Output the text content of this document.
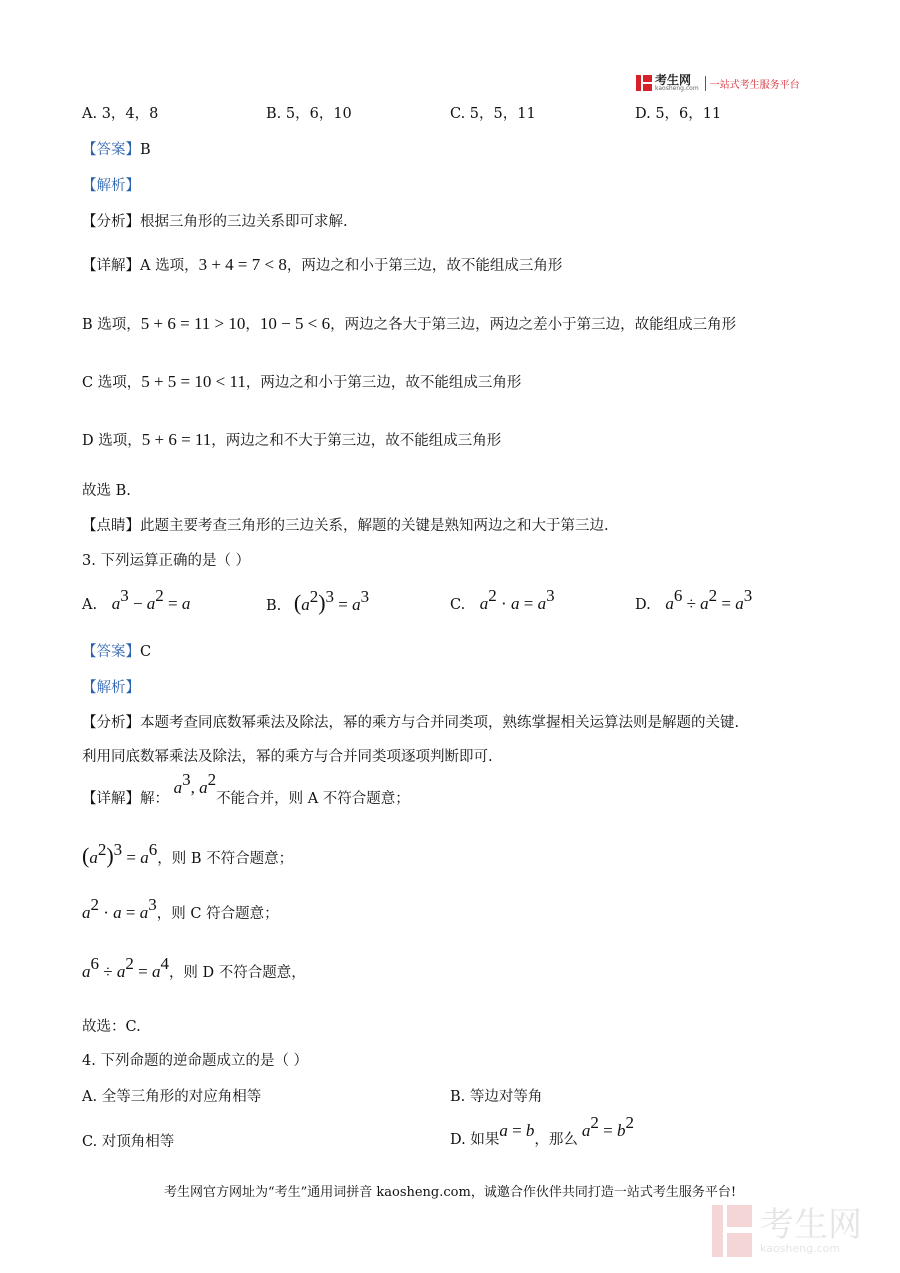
考生网
kaosheng.com	一站式考生服务平台
A. 3，4，8	B. 5，6，10	C. 5，5，11	D. 5，6，11
【答案】B
【解析】
【分析】根据三角形的三边关系即可求解.
【详解】A 选项，3 + 4 = 7 < 8，两边之和小于第三边，故不能组成三角形
B 选项，5 + 6 = 11 > 10，10 − 5 < 6，两边之各大于第三边，两边之差小于第三边，故能组成三角形
C 选项，5 + 5 = 10 < 11，两边之和小于第三边，故不能组成三角形
D 选项，5 + 6 = 11，两边之和不大于第三边，故不能组成三角形
故选 B.
【点睛】此题主要考查三角形的三边关系，解题的关键是熟知两边之和大于第三边.
3. 下列运算正确的是（ ）
A. $a^3 - a^2 = a$	B. $(a^2)^3 = a^3$	C. $a^2 \cdot a = a^3$	D. $a^6 \div a^2 = a^3$
【答案】C
【解析】
【分析】本题考查同底数幂乘法及除法，幂的乘方与合并同类项，熟练掌握相关运算法则是解题的关键.
利用同底数幂乘法及除法，幂的乘方与合并同类项逐项判断即可.
【详解】解： $a^3$, $a^2$不能合并，则 A 不符合题意；
$(a^2)^3 = a^6$，则 B 不符合题意；
$a^2 \cdot a = a^3$，则 C 符合题意；
$a^6 \div a^2 = a^4$，则 D 不符合题意，
故选：C.
4. 下列命题的逆命题成立的是（ ）
A. 全等三角形的对应角相等	B. 等边对等角
C. 对顶角相等	D. 如果a = b，那么 $a^2 = b^2$
考生网官方网址为“考生”通用词拼音 kaosheng.com，诚邀合作伙伴共同打造一站式考生服务平台!
考生网
kaosheng.com
